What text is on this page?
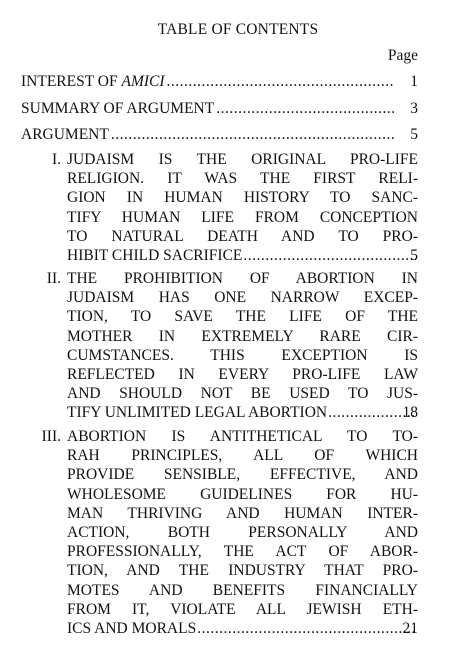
TABLE OF CONTENTS
Page
INTEREST OF AMICI .....	1
SUMMARY OF ARGUMENT .....	3
ARGUMENT .....	5
I. JUDAISM IS THE ORIGINAL PRO-LIFE
RELIGION. IT WAS THE FIRST RELI-
GION IN HUMAN HISTORY TO SANC-
TIFY HUMAN LIFE FROM CONCEPTION
TO NATURAL DEATH AND TO PRO-
HIBIT CHILD SACRIFICE .....	5
II. THE PROHIBITION OF ABORTION IN
JUDAISM HAS ONE NARROW EXCEP-
TION, TO SAVE THE LIFE OF THE
MOTHER IN EXTREMELY RARE CIR-
CUMSTANCES. THIS EXCEPTION IS
REFLECTED IN EVERY PRO-LIFE LAW
AND SHOULD NOT BE USED TO JUS-
TIFY UNLIMITED LEGAL ABORTION .....	18
III. ABORTION IS ANTITHETICAL TO TO-
RAH PRINCIPLES, ALL OF WHICH
PROVIDE SENSIBLE, EFFECTIVE, AND
WHOLESOME GUIDELINES FOR HU-
MAN THRIVING AND HUMAN INTER-
ACTION, BOTH PERSONALLY AND
PROFESSIONALLY, THE ACT OF ABOR-
TION, AND THE INDUSTRY THAT PRO-
MOTES AND BENEFITS FINANCIALLY
FROM IT, VIOLATE ALL JEWISH ETH-
ICS AND MORALS .....	21
